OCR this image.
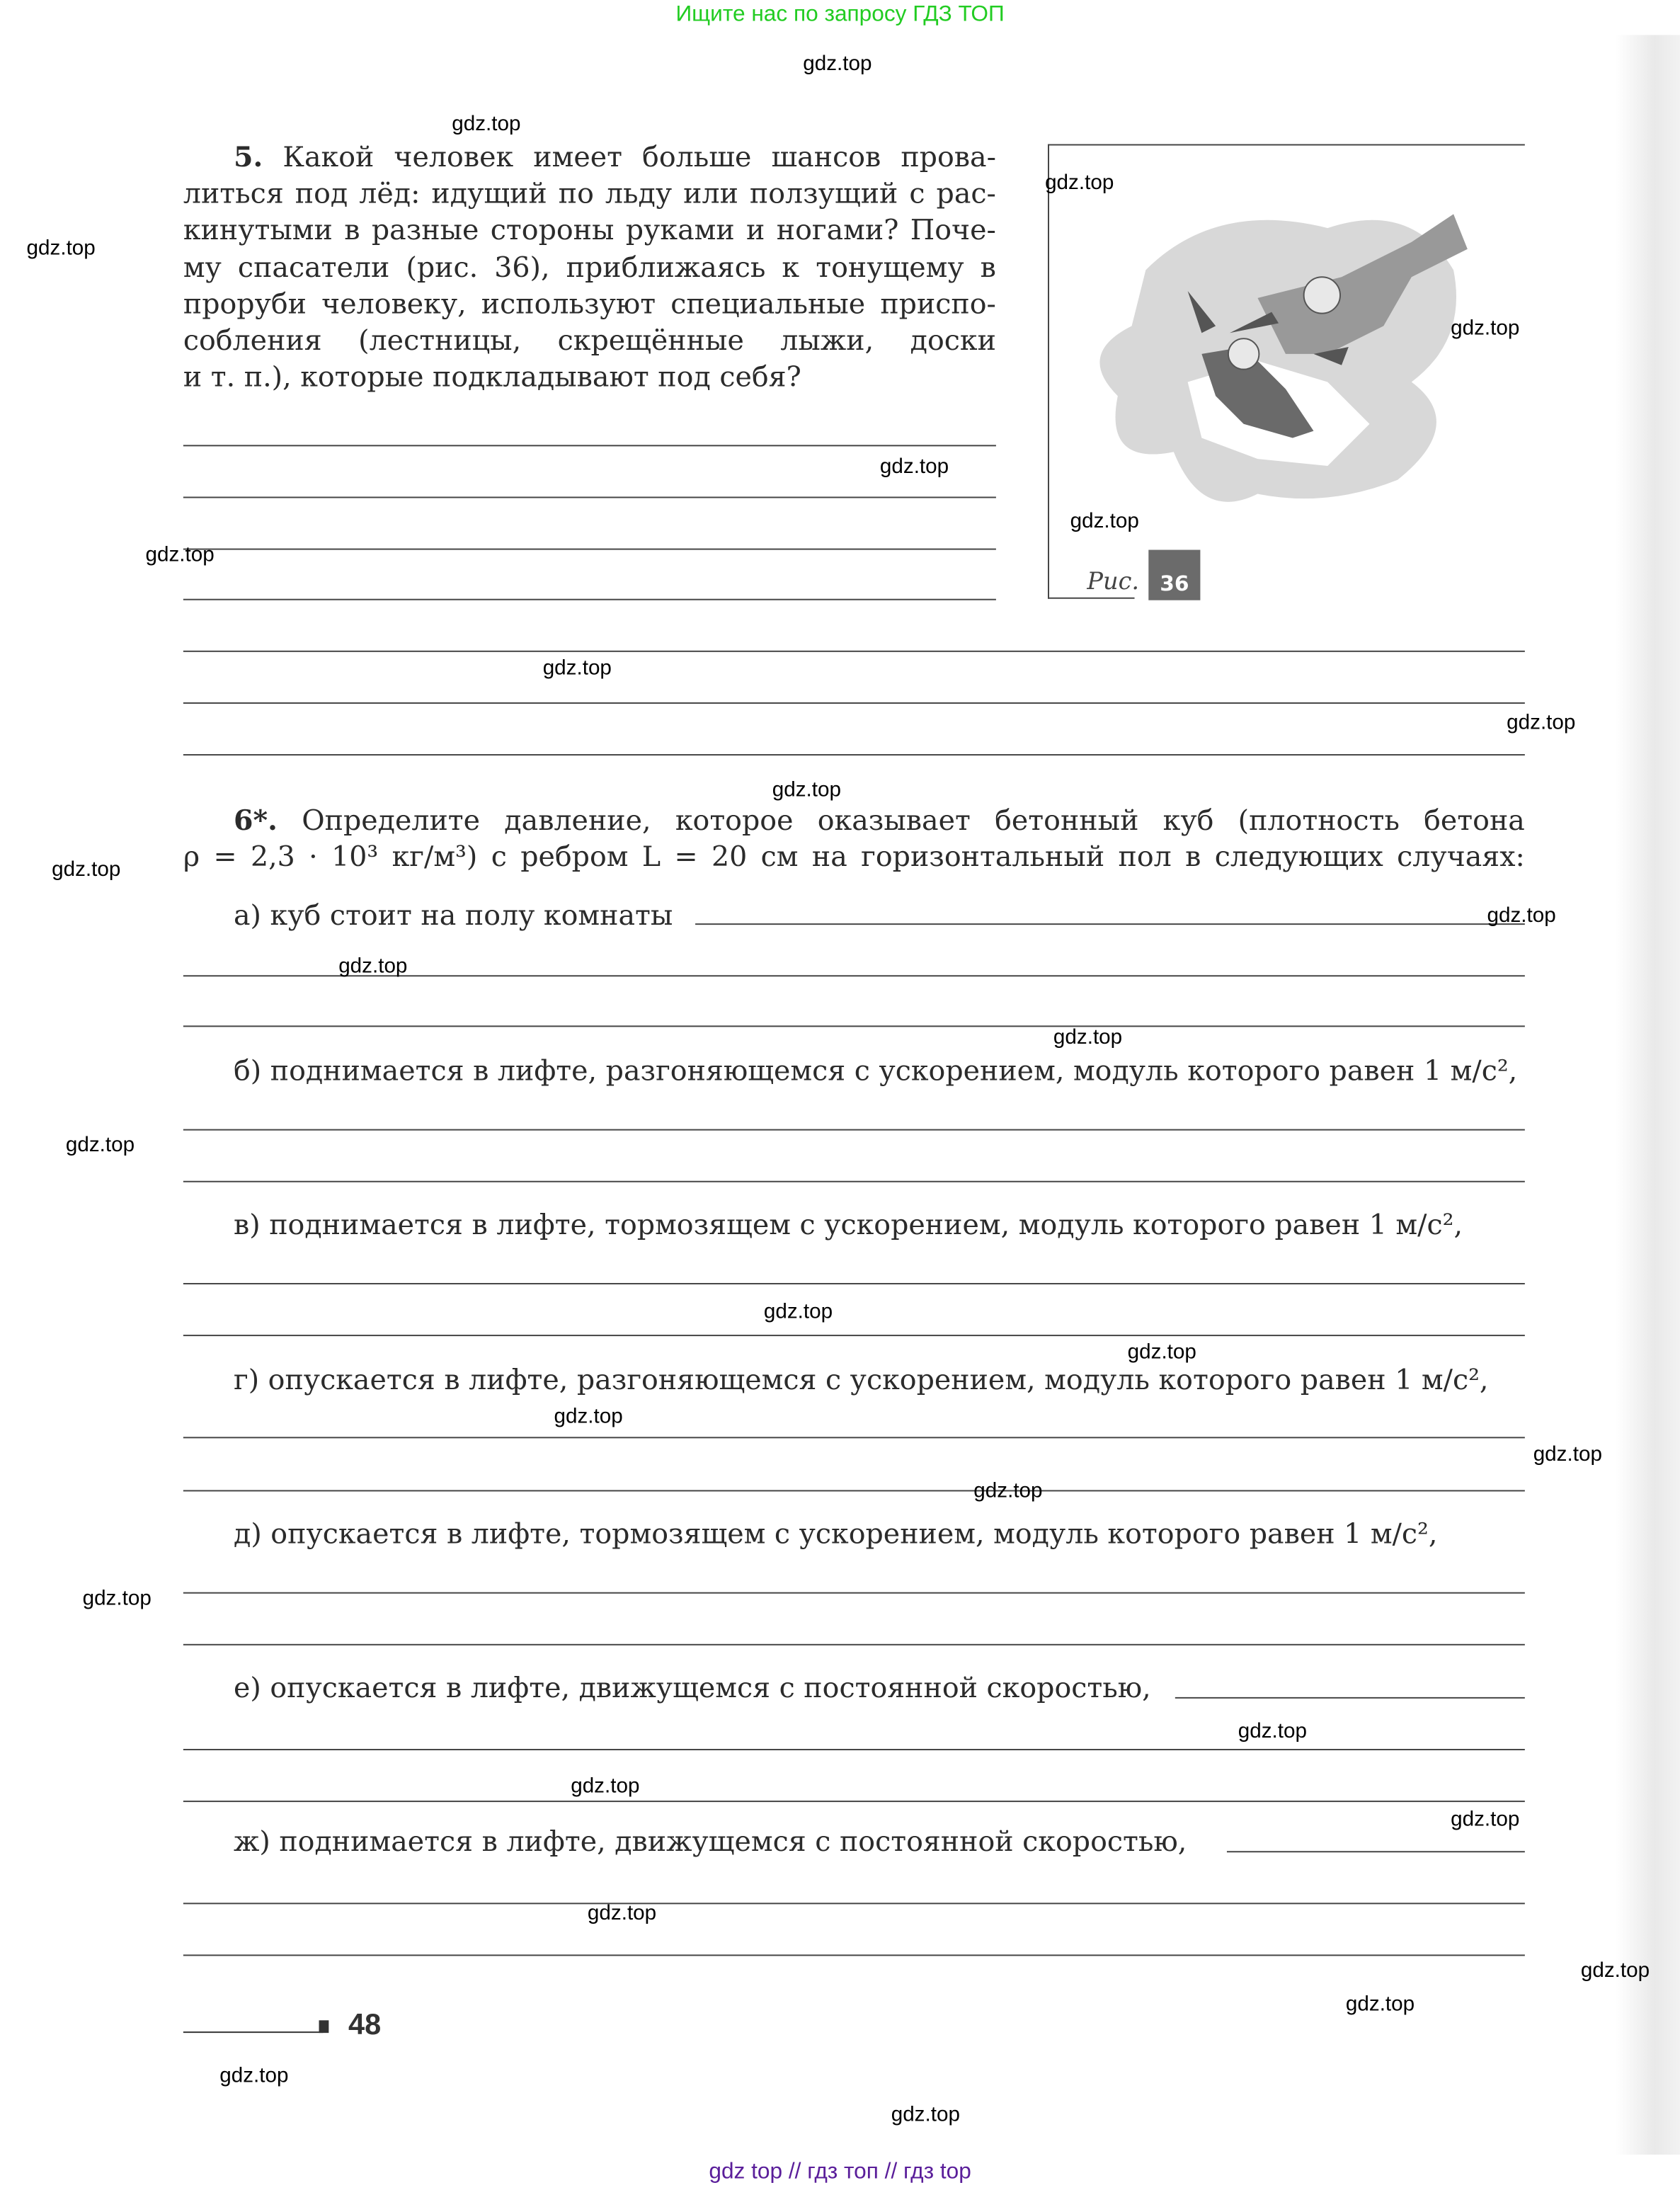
Ищите нас по запросу ГДЗ ТОП
5. Какой человек имеет больше шансов прова-
литься под лёд: идущий по льду или ползущий с рас-
кинутыми в разные стороны руками и ногами? Поче-
му спасатели (рис. 36), приближаясь к тонущему в
проруби человеку, используют специальные приспо-
собления (лестницы, скрещённые лыжи, доски
и т. п.), которые подкладывают под себя?
Рис.	36
6*. Определите давление, которое оказывает бетонный куб (плотность бетона
ρ = 2,3 · 10³ кг/м³) с ребром L = 20 см на горизонтальный пол в следующих случаях:
а) куб стоит на полу комнаты
б) поднимается в лифте, разгоняющемся с ускорением, модуль которого равен 1 м/с²,
в) поднимается в лифте, тормозящем с ускорением, модуль которого равен 1 м/с²,
г) опускается в лифте, разгоняющемся с ускорением, модуль которого равен 1 м/с²,
д) опускается в лифте, тормозящем с ускорением, модуль которого равен 1 м/с²,
е) опускается в лифте, движущемся с постоянной скоростью,
ж) поднимается в лифте, движущемся с постоянной скоростью,
48
gdz.top
gdz.top
gdz.top
gdz.top
gdz.top
gdz.top
gdz.top
gdz.top
gdz.top
gdz.top
gdz.top
gdz.top
gdz.top
gdz.top
gdz.top
gdz.top
gdz.top
gdz.top
gdz.top
gdz.top
gdz.top
gdz.top
gdz.top
gdz.top
gdz.top
gdz.top
gdz.top
gdz.top
gdz.top
gdz.top
gdz top // гдз топ // гдз top
